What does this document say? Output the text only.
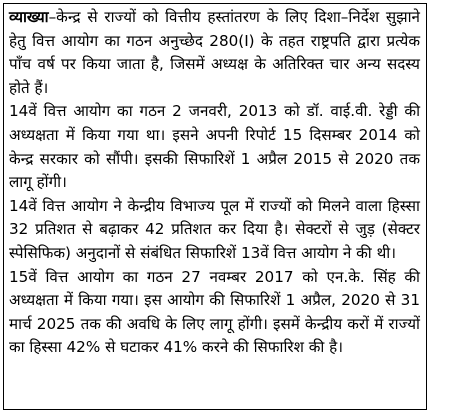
व्याख्या–केन्द्र से राज्यों को वित्तीय हस्तांतरण के लिए दिशा–निर्देश सुझाने हेतु वित्त आयोग का गठन अनुच्छेद 280(I) के तहत राष्ट्रपति द्वारा प्रत्येक पाँच वर्ष पर किया जाता है, जिसमें अध्यक्ष के अतिरिक्त चार अन्य सदस्य होते हैं।

14वें वित्त आयोग का गठन 2 जनवरी, 2013 को डॉ. वाई.वी. रेड्डी की अध्यक्षता में किया गया था। इसने अपनी रिपोर्ट 15 दिसम्बर 2014 को केन्द्र सरकार को सौंपी। इसकी सिफारिशें 1 अप्रैल 2015 से 2020 तक लागू होंगी।

14वें वित्त आयोग ने केन्द्रीय विभाज्य पूल में राज्यों को मिलने वाला हिस्सा 32 प्रतिशत से बढ़ाकर 42 प्रतिशत कर दिया है। सेक्टरों से जुड़ (सेक्टर स्पेसिफिक) अनुदानों से संबंधित सिफारिशें 13वें वित्त आयोग ने की थी।

15वें वित्त आयोग का गठन 27 नवम्बर 2017 को एन.के. सिंह की अध्यक्षता में किया गया। इस आयोग की सिफारिशें 1 अप्रैल, 2020 से 31 मार्च 2025 तक की अवधि के लिए लागू होंगी। इसमें केन्द्रीय करों में राज्यों का हिस्सा 42% से घटाकर 41% करने की सिफारिश की है।
